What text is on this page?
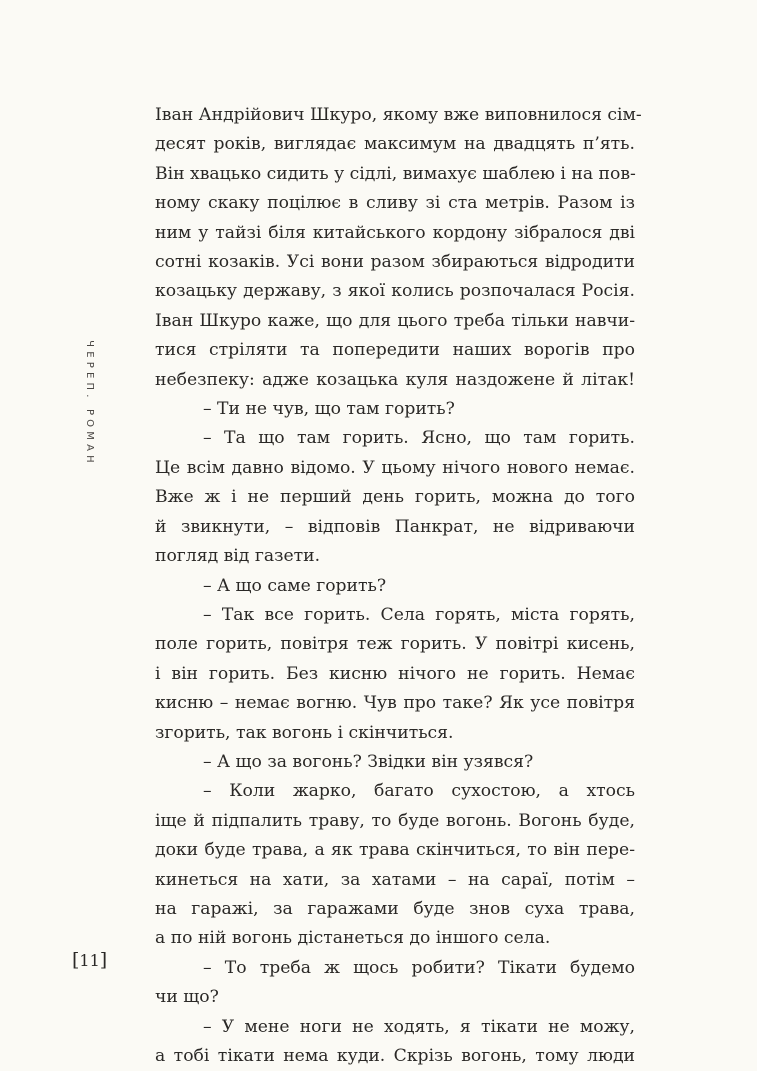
ЧЕРЕП. РОМАН
Іван Андрійович Шкуро, якому вже виповнилося сім-
десят років, виглядає максимум на двадцять п’ять.
Він хвацько сидить у сідлі, вимахує шаблею і на пов-
ному скаку поцілює в сливу зі ста метрів. Разом із
ним у тайзі біля китайського кордону зібралося дві
сотні козаків. Усі вони разом збираються відродити
козацьку державу, з якої колись розпочалася Росія.
Іван Шкуро каже, що для цього треба тільки навчи-
тися стріляти та попередити наших ворогів про
небезпеку: адже козацька куля наздожене й літак!
– Ти не чув, що там горить?
– Та що там горить. Ясно, що там горить.
Це всім давно відомо. У цьому нічого нового немає.
Вже ж і не перший день горить, можна до того
й звикнути, – відповів Панкрат, не відриваючи
погляд від газети.
– А що саме горить?
– Так все горить. Села горять, міста горять,
поле горить, повітря теж горить. У повітрі кисень,
і він горить. Без кисню нічого не горить. Немає
кисню – немає вогню. Чув про таке? Як усе повітря
згорить, так вогонь і скінчиться.
– А що за вогонь? Звідки він узявся?
– Коли жарко, багато сухостою, а хтось
іще й підпалить траву, то буде вогонь. Вогонь буде,
доки буде трава, а як трава скінчиться, то він пере-
кинеться на хати, за хатами – на сараї, потім –
на гаражі, за гаражами буде знов суха трава,
а по ній вогонь дістанеться до іншого села.
– То треба ж щось робити? Тікати будемо
чи що?
– У мене ноги не ходять, я тікати не можу,
а тобі тікати нема куди. Скрізь вогонь, тому люди
[11]
